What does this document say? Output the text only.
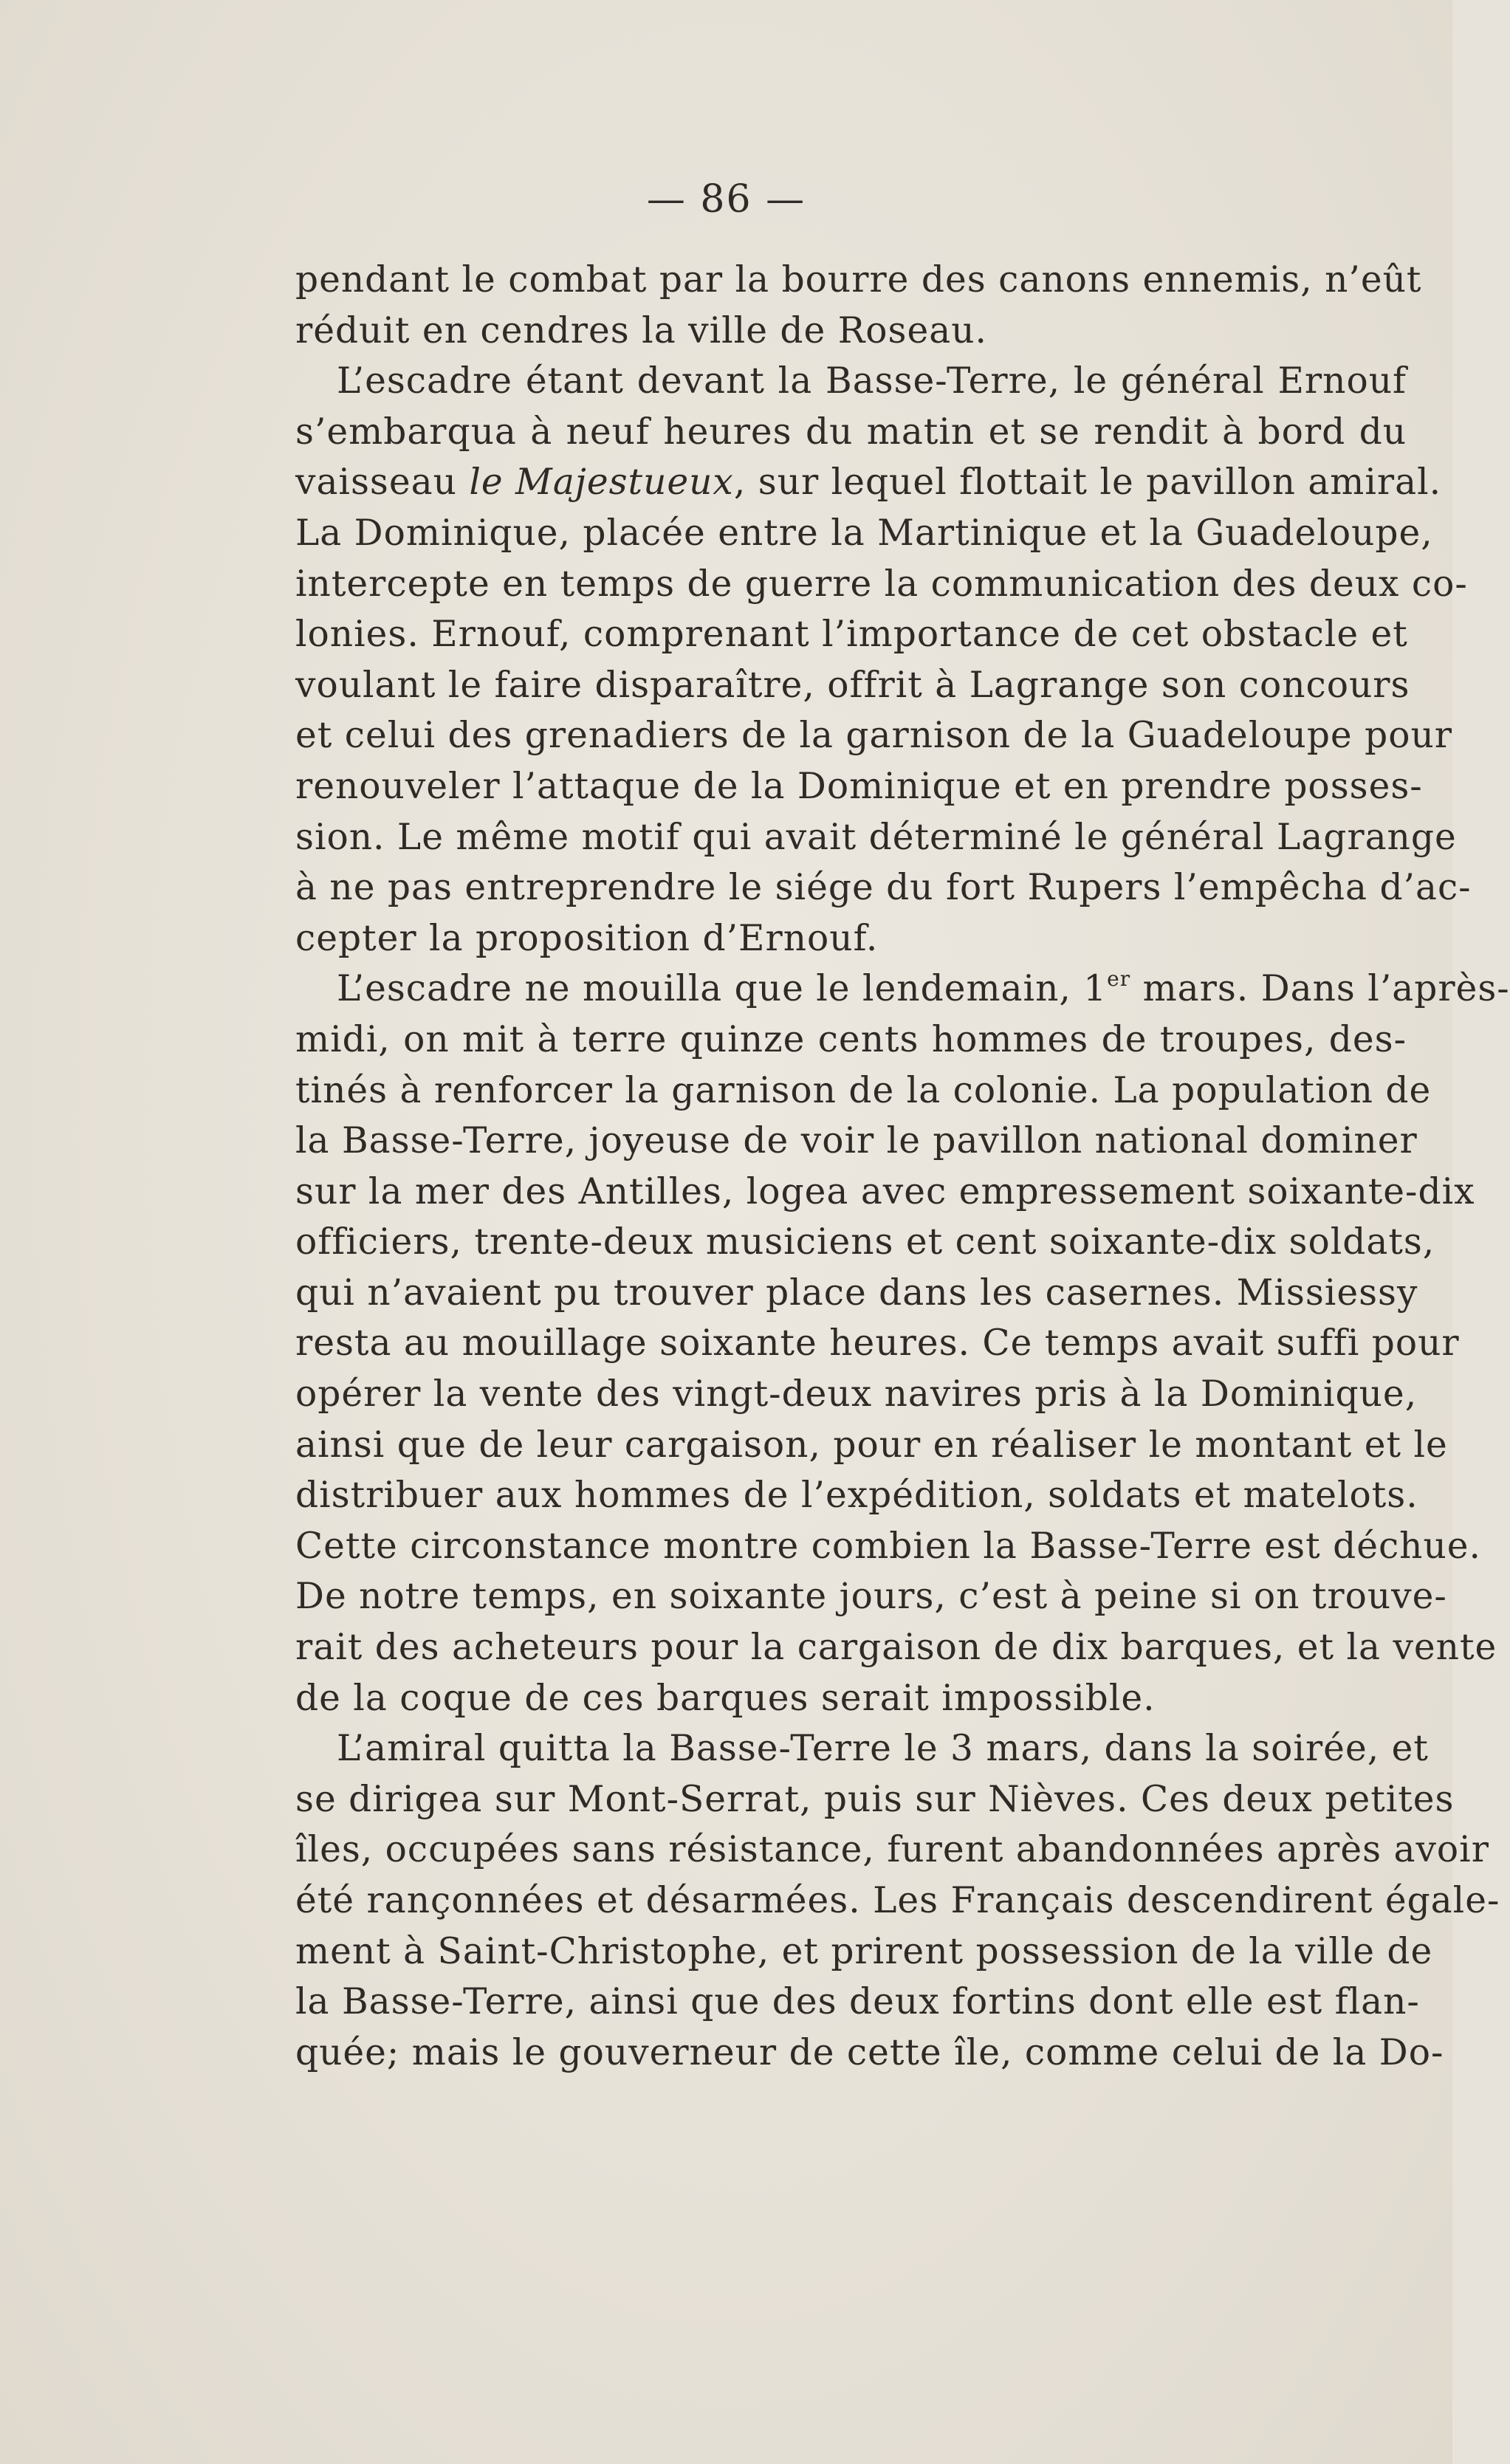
— 86 —
pendant le combat par la bourre des canons ennemis, n’eût
réduit en cendres la ville de Roseau.
L’escadre étant devant la Basse-Terre, le général Ernouf
s’embarqua à neuf heures du matin et se rendit à bord du
vaisseau le Majestueux, sur lequel flottait le pavillon amiral.
La Dominique, placée entre la Martinique et la Guadeloupe,
intercepte en temps de guerre la communication des deux co-
lonies. Ernouf, comprenant l’importance de cet obstacle et
voulant le faire disparaître, offrit à Lagrange son concours
et celui des grenadiers de la garnison de la Guadeloupe pour
renouveler l’attaque de la Dominique et en prendre posses-
sion. Le même motif qui avait déterminé le général Lagrange
à ne pas entreprendre le siége du fort Rupers l’empêcha d’ac-
cepter la proposition d’Ernouf.
L’escadre ne mouilla que le lendemain, 1er mars. Dans l’après-
midi, on mit à terre quinze cents hommes de troupes, des-
tinés à renforcer la garnison de la colonie. La population de
la Basse-Terre, joyeuse de voir le pavillon national dominer
sur la mer des Antilles, logea avec empressement soixante-dix
officiers, trente-deux musiciens et cent soixante-dix soldats,
qui n’avaient pu trouver place dans les casernes. Missiessy
resta au mouillage soixante heures. Ce temps avait suffi pour
opérer la vente des vingt-deux navires pris à la Dominique,
ainsi que de leur cargaison, pour en réaliser le montant et le
distribuer aux hommes de l’expédition, soldats et matelots.
Cette circonstance montre combien la Basse-Terre est déchue.
De notre temps, en soixante jours, c’est à peine si on trouve-
rait des acheteurs pour la cargaison de dix barques, et la vente
de la coque de ces barques serait impossible.
L’amiral quitta la Basse-Terre le 3 mars, dans la soirée, et
se dirigea sur Mont-Serrat, puis sur Nièves. Ces deux petites
îles, occupées sans résistance, furent abandonnées après avoir
été rançonnées et désarmées. Les Français descendirent égale-
ment à Saint-Christophe, et prirent possession de la ville de
la Basse-Terre, ainsi que des deux fortins dont elle est flan-
quée; mais le gouverneur de cette île, comme celui de la Do-
